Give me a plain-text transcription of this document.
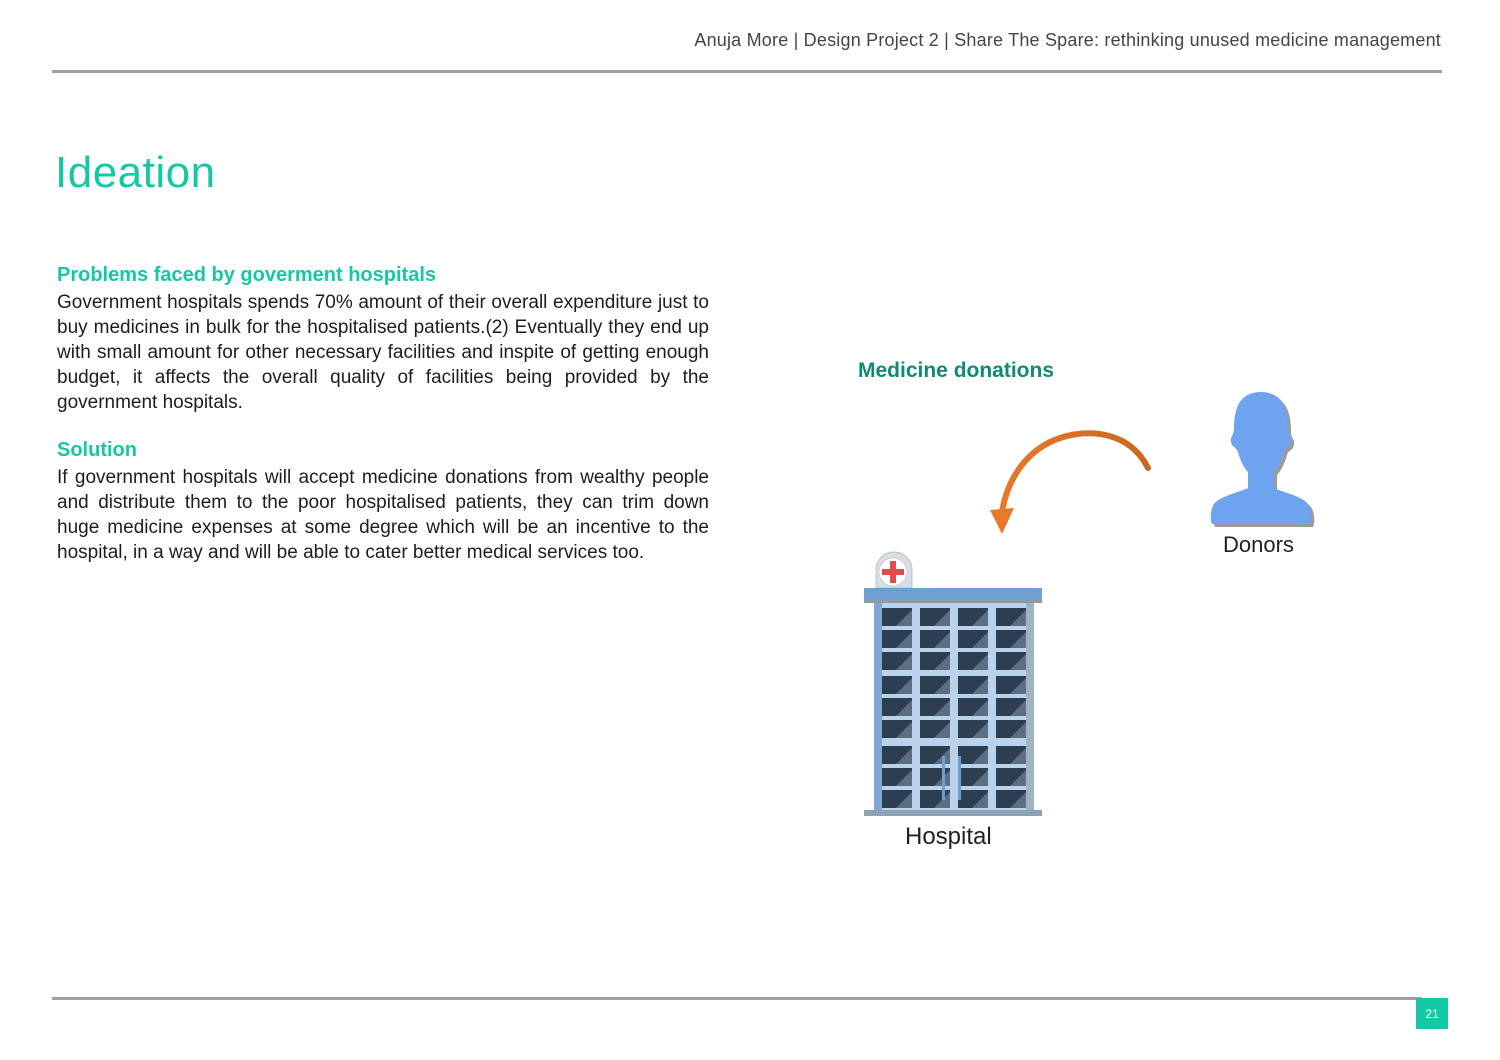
Anuja More | Design Project 2 | Share The Spare: rethinking unused medicine management
Ideation
Problems faced by goverment hospitals

Government hospitals spends 70% amount of their overall expenditure just to buy medicines in bulk for the hospitalised patients.(2) Eventually they end up with small amount for other necessary facilities and inspite of getting enough budget, it affects the overall quality of facilities being provided by the government hospitals.

Solution

If government hospitals will accept medicine donations from wealthy people and distribute them to the poor hospitalised patients, they can trim down huge medicine expenses at some degree which will be an incentive to the hospital, in a way and will be able to cater better medical services too.

Medicine donations
Donors
Hospital
21
